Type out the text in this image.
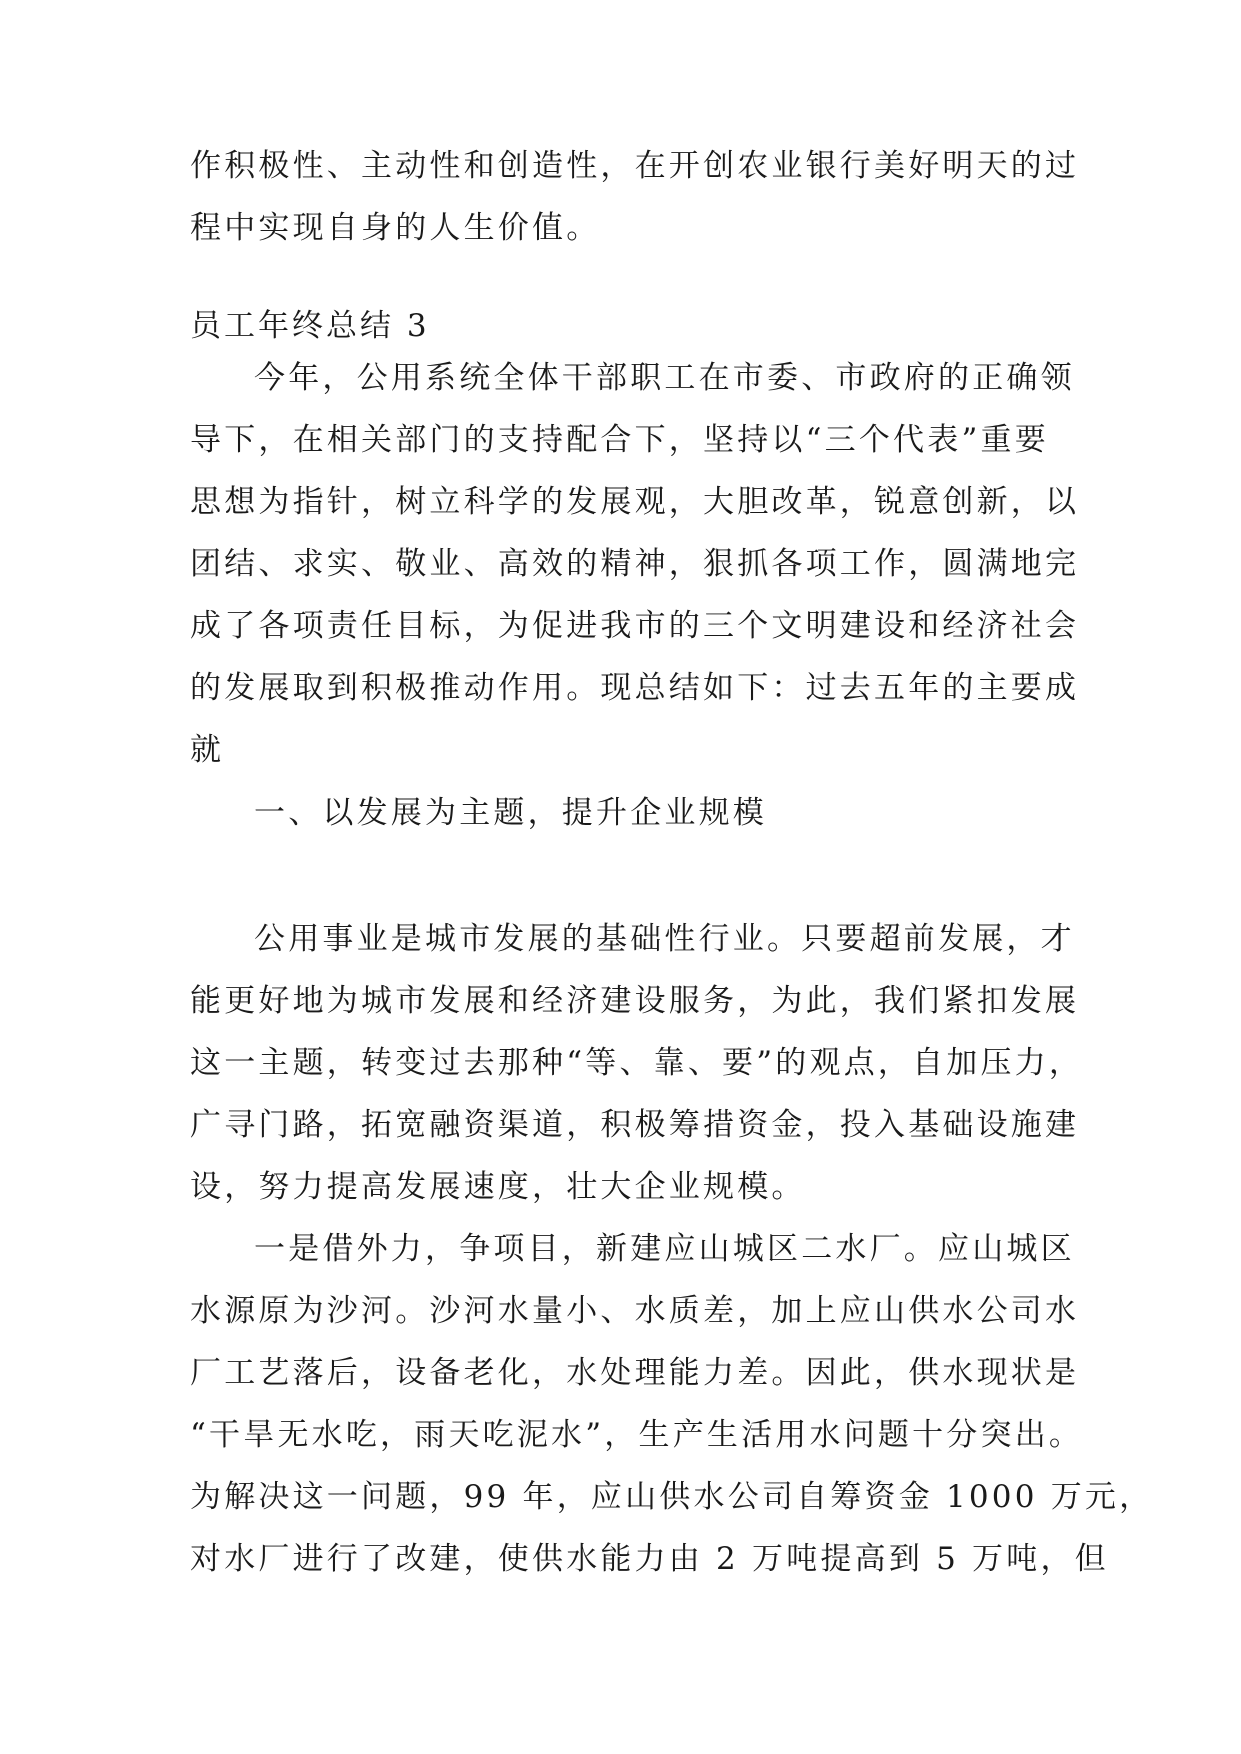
作积极性、主动性和创造性，在开创农业银行美好明天的过
程中实现自身的人生价值。
员工年终总结 3
今年，公用系统全体干部职工在市委、市政府的正确领
导下，在相关部门的支持配合下，坚持以“三个代表”重要
思想为指针，树立科学的发展观，大胆改革，锐意创新，以
团结、求实、敬业、高效的精神，狠抓各项工作，圆满地完
成了各项责任目标，为促进我市的三个文明建设和经济社会
的发展取到积极推动作用。现总结如下：过去五年的主要成
就
一、以发展为主题，提升企业规模
公用事业是城市发展的基础性行业。只要超前发展，才
能更好地为城市发展和经济建设服务，为此，我们紧扣发展
这一主题，转变过去那种“等、靠、要”的观点，自加压力，
广寻门路，拓宽融资渠道，积极筹措资金，投入基础设施建
设，努力提高发展速度，壮大企业规模。
一是借外力，争项目，新建应山城区二水厂。应山城区
水源原为沙河。沙河水量小、水质差，加上应山供水公司水
厂工艺落后，设备老化，水处理能力差。因此，供水现状是
“干旱无水吃，雨天吃泥水”，生产生活用水问题十分突出。
为解决这一问题，99 年，应山供水公司自筹资金 1000 万元，
对水厂进行了改建，使供水能力由 2 万吨提高到 5 万吨，但
